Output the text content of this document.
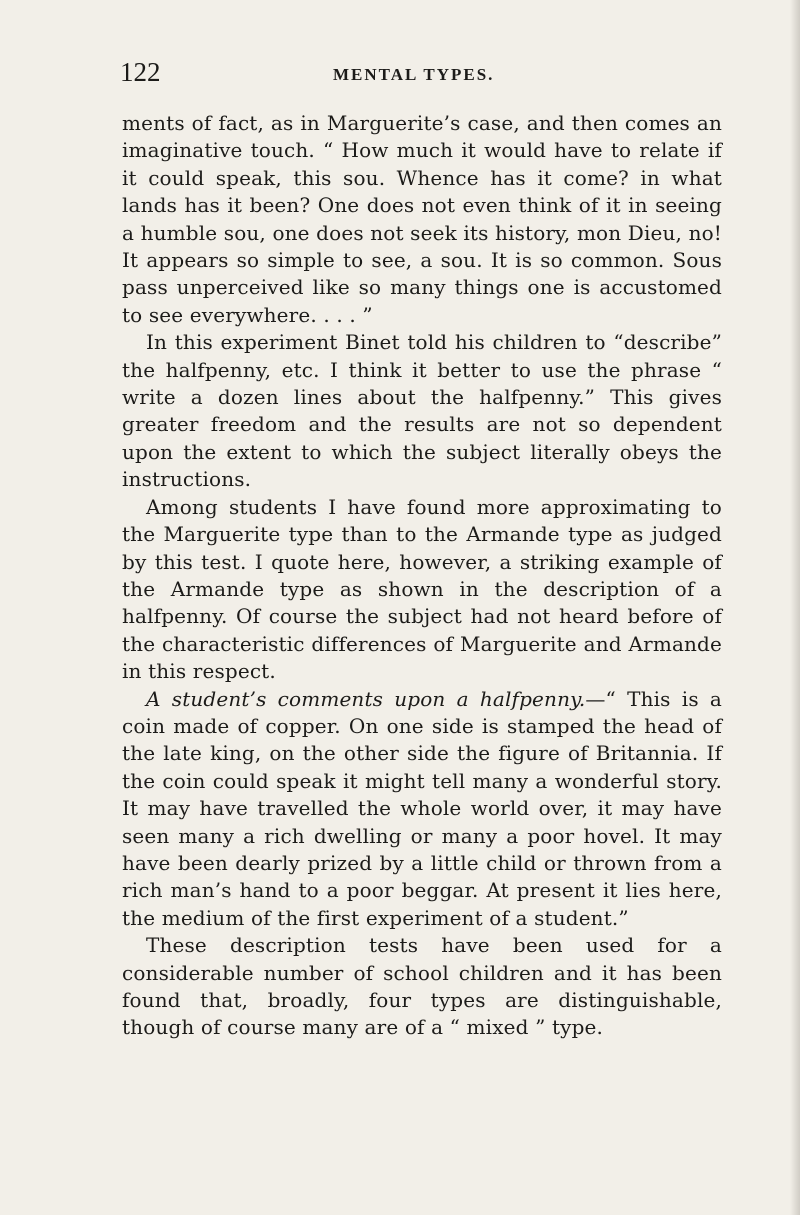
122	MENTAL TYPES.

ments of fact, as in Marguerite’s case, and then comes an imaginative touch. “ How much it would have to relate if it could speak, this sou. Whence has it come? in what lands has it been? One does not even think of it in seeing a humble sou, one does not seek its history, mon Dieu, no! It appears so simple to see, a sou. It is so common. Sous pass unperceived like so many things one is accustomed to see everywhere. . . . ”

In this experiment Binet told his children to “describe” the halfpenny, etc. I think it better to use the phrase “ write a dozen lines about the halfpenny.” This gives greater freedom and the results are not so dependent upon the extent to which the subject literally obeys the instructions.

Among students I have found more approximating to the Marguerite type than to the Armande type as judged by this test. I quote here, however, a striking example of the Armande type as shown in the description of a halfpenny. Of course the subject had not heard before of the characteristic differences of Marguerite and Armande in this respect.

A student’s comments upon a halfpenny.—“ This is a coin made of copper. On one side is stamped the head of the late king, on the other side the figure of Britannia. If the coin could speak it might tell many a wonderful story. It may have travelled the whole world over, it may have seen many a rich dwelling or many a poor hovel. It may have been dearly prized by a little child or thrown from a rich man’s hand to a poor beggar. At present it lies here, the medium of the first experiment of a student.”

These description tests have been used for a considerable number of school children and it has been found that, broadly, four types are distinguishable, though of course many are of a “ mixed ” type.
